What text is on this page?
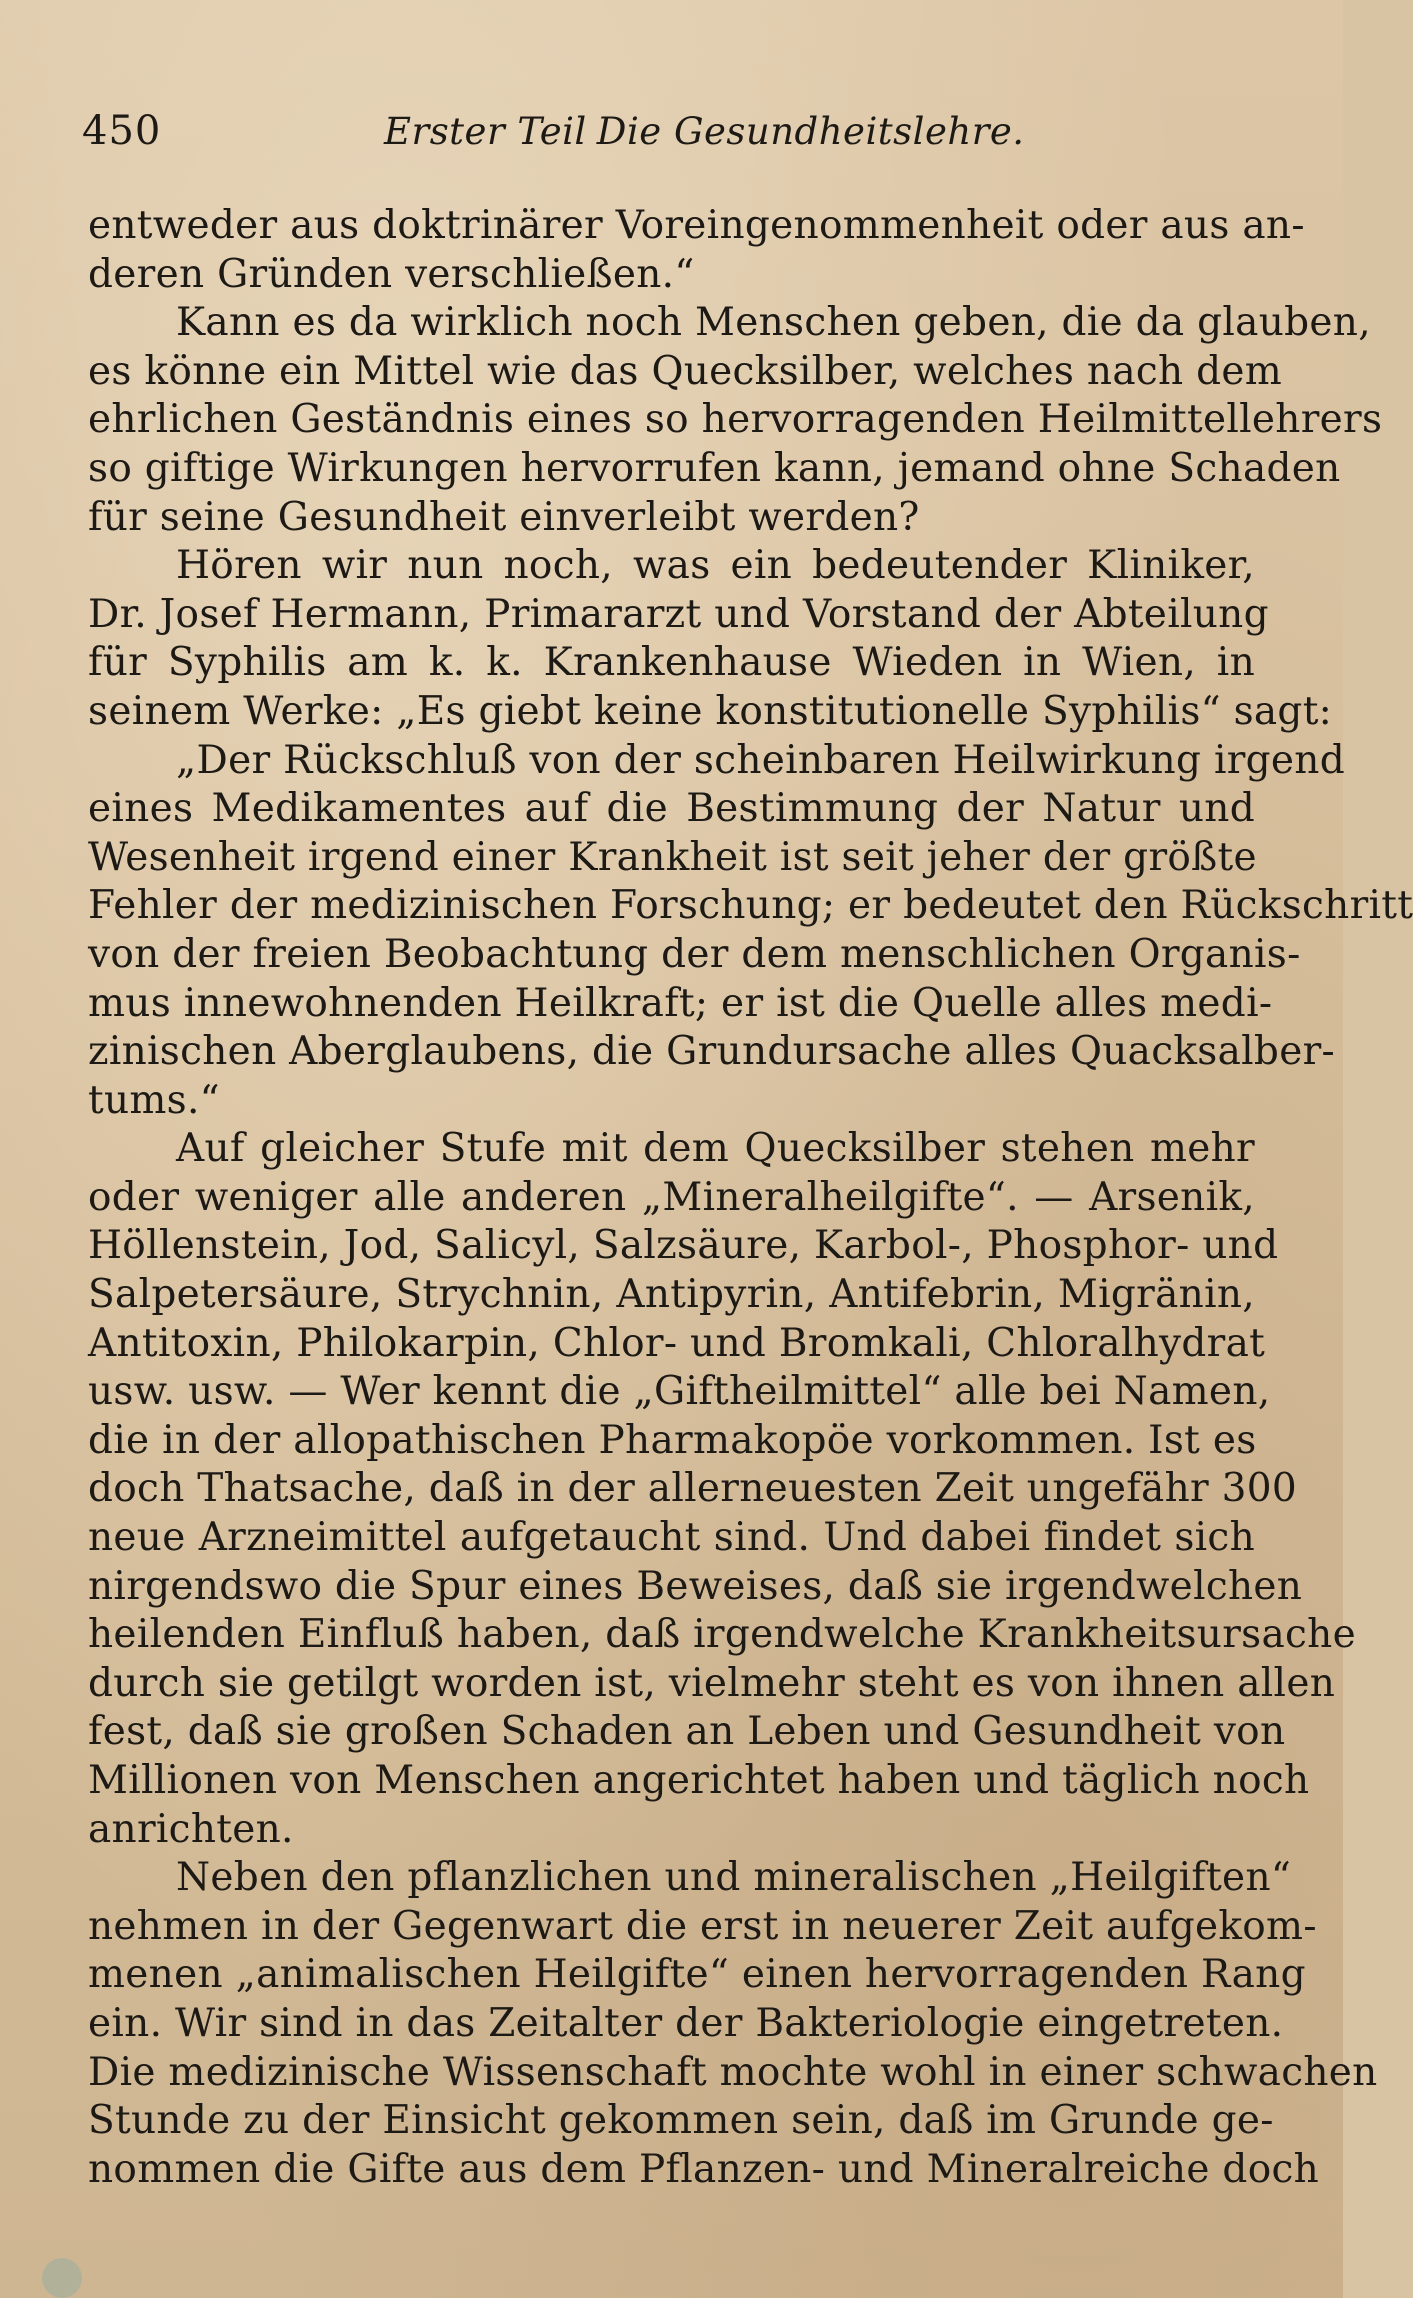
450	Erster Teil Die Gesundheitslehre.
entweder aus doktrinärer Voreingenommenheit oder aus an-
deren Gründen verschließen.“
Kann es da wirklich noch Menschen geben, die da glauben,
es könne ein Mittel wie das Quecksilber, welches nach dem
ehrlichen Geständnis eines so hervorragenden Heilmittellehrers
so giftige Wirkungen hervorrufen kann, jemand ohne Schaden
für seine Gesundheit einverleibt werden?
Hören wir nun noch, was ein bedeutender Kliniker,
Dr. Josef Hermann, Primararzt und Vorstand der Abteilung
für Syphilis am k. k. Krankenhause Wieden in Wien, in
seinem Werke: „Es giebt keine konstitutionelle Syphilis“ sagt:
„Der Rückschluß von der scheinbaren Heilwirkung irgend
eines Medikamentes auf die Bestimmung der Natur und
Wesenheit irgend einer Krankheit ist seit jeher der größte
Fehler der medizinischen Forschung; er bedeutet den Rückschritt
von der freien Beobachtung der dem menschlichen Organis-
mus innewohnenden Heilkraft; er ist die Quelle alles medi-
zinischen Aberglaubens, die Grundursache alles Quacksalber-
tums.“
Auf gleicher Stufe mit dem Quecksilber stehen mehr
oder weniger alle anderen „Mineralheilgifte“. — Arsenik,
Höllenstein, Jod, Salicyl, Salzsäure, Karbol-, Phosphor- und
Salpetersäure, Strychnin, Antipyrin, Antifebrin, Migränin,
Antitoxin, Philokarpin, Chlor- und Bromkali, Chloralhydrat
usw. usw. — Wer kennt die „Giftheilmittel“ alle bei Namen,
die in der allopathischen Pharmakopöe vorkommen. Ist es
doch Thatsache, daß in der allerneuesten Zeit ungefähr 300
neue Arzneimittel aufgetaucht sind. Und dabei findet sich
nirgendswo die Spur eines Beweises, daß sie irgendwelchen
heilenden Einfluß haben, daß irgendwelche Krankheitsursache
durch sie getilgt worden ist, vielmehr steht es von ihnen allen
fest, daß sie großen Schaden an Leben und Gesundheit von
Millionen von Menschen angerichtet haben und täglich noch
anrichten.
Neben den pflanzlichen und mineralischen „Heilgiften“
nehmen in der Gegenwart die erst in neuerer Zeit aufgekom-
menen „animalischen Heilgifte“ einen hervorragenden Rang
ein. Wir sind in das Zeitalter der Bakteriologie eingetreten.
Die medizinische Wissenschaft mochte wohl in einer schwachen
Stunde zu der Einsicht gekommen sein, daß im Grunde ge-
nommen die Gifte aus dem Pflanzen- und Mineralreiche doch
